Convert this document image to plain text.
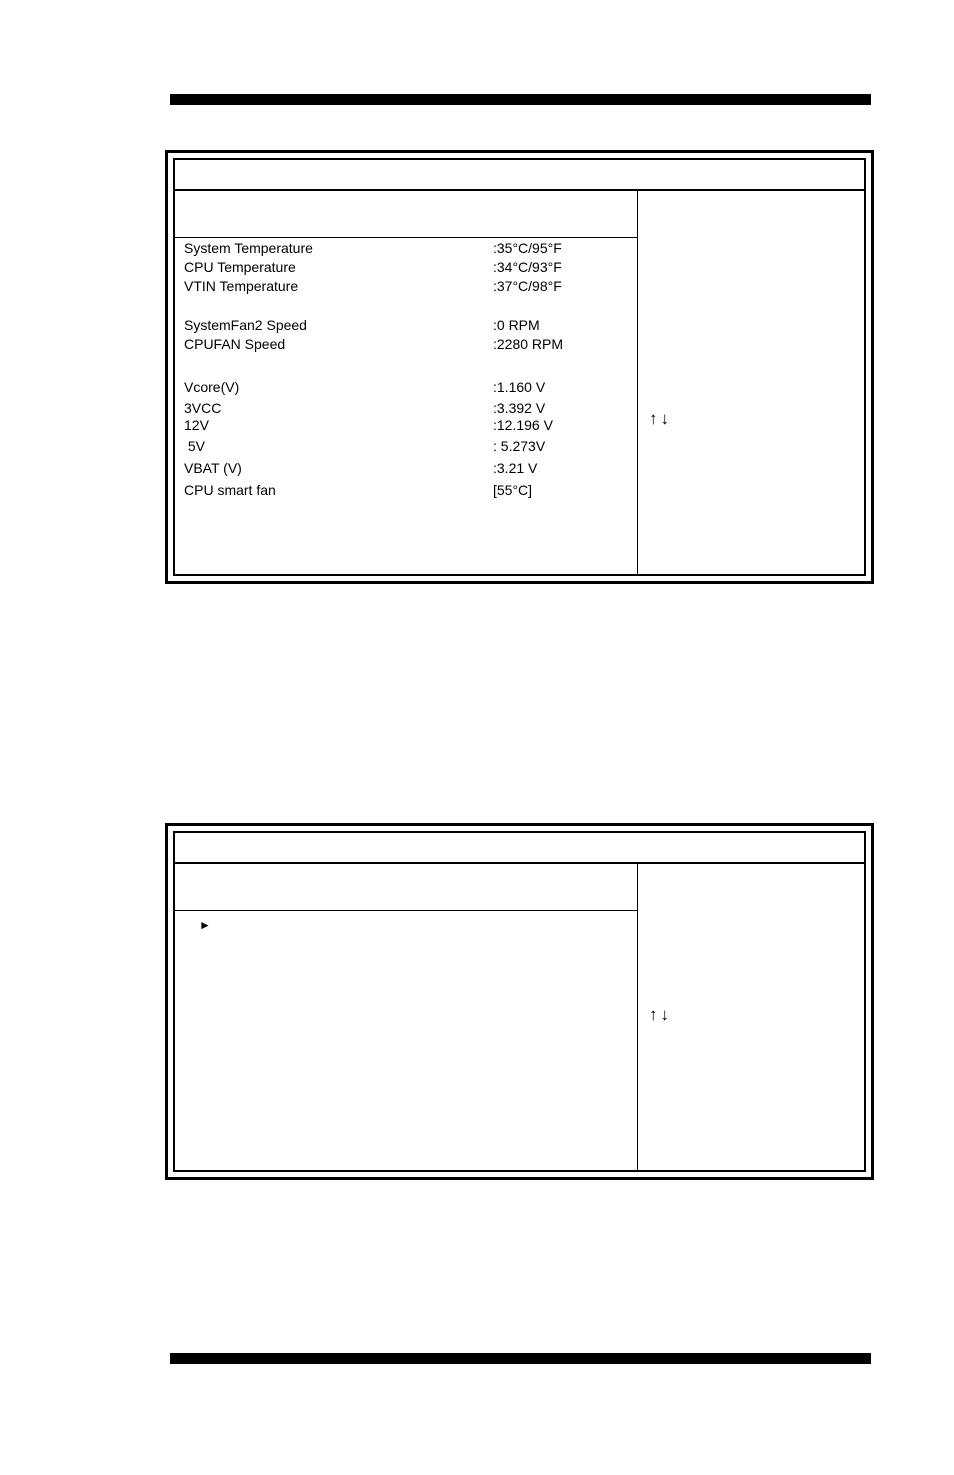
System Temperature	:35°C/95°F
CPU Temperature	:34°C/93°F
VTIN Temperature	:37°C/98°F
SystemFan2 Speed	:0 RPM
CPUFAN Speed	:2280 RPM
Vcore(V)	:1.160 V
3VCC	:3.392 V
12V	:12.196 V
5V	: 5.273V
VBAT (V)	:3.21 V
CPU smart fan	[55°C]
↑↓
►
↑↓
